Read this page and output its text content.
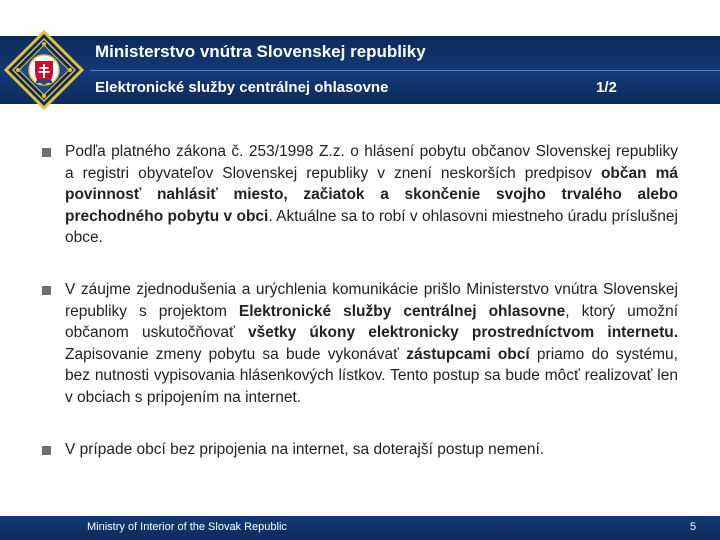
Ministerstvo vnútra Slovenskej republiky
Elektronické služby centrálnej ohlasovne	1/2
Podľa platného zákona č. 253/1998 Z.z. o hlásení pobytu občanov Slovenskej republiky a registri obyvateľov Slovenskej republiky v znení neskorších predpisov občan má povinnosť nahlásiť miesto, začiatok a skončenie svojho trvalého alebo prechodného pobytu v obci. Aktuálne sa to robí v ohlasovni miestneho úradu príslušnej obce.
V záujme zjednodušenia a urýchlenia komunikácie prišlo Ministerstvo vnútra Slovenskej republiky s projektom Elektronické služby centrálnej ohlasovne, ktorý umožní občanom uskutočňovať všetky úkony elektronicky prostredníctvom internetu. Zapisovanie zmeny pobytu sa bude vykonávať zástupcami obcí priamo do systému, bez nutnosti vypisovania hlásenkových lístkov. Tento postup sa bude môcť realizovať len v obciach s pripojením na internet.
V prípade obcí bez pripojenia na internet, sa doterajší postup nemení.
Ministry of Interior of the Slovak Republic	5
